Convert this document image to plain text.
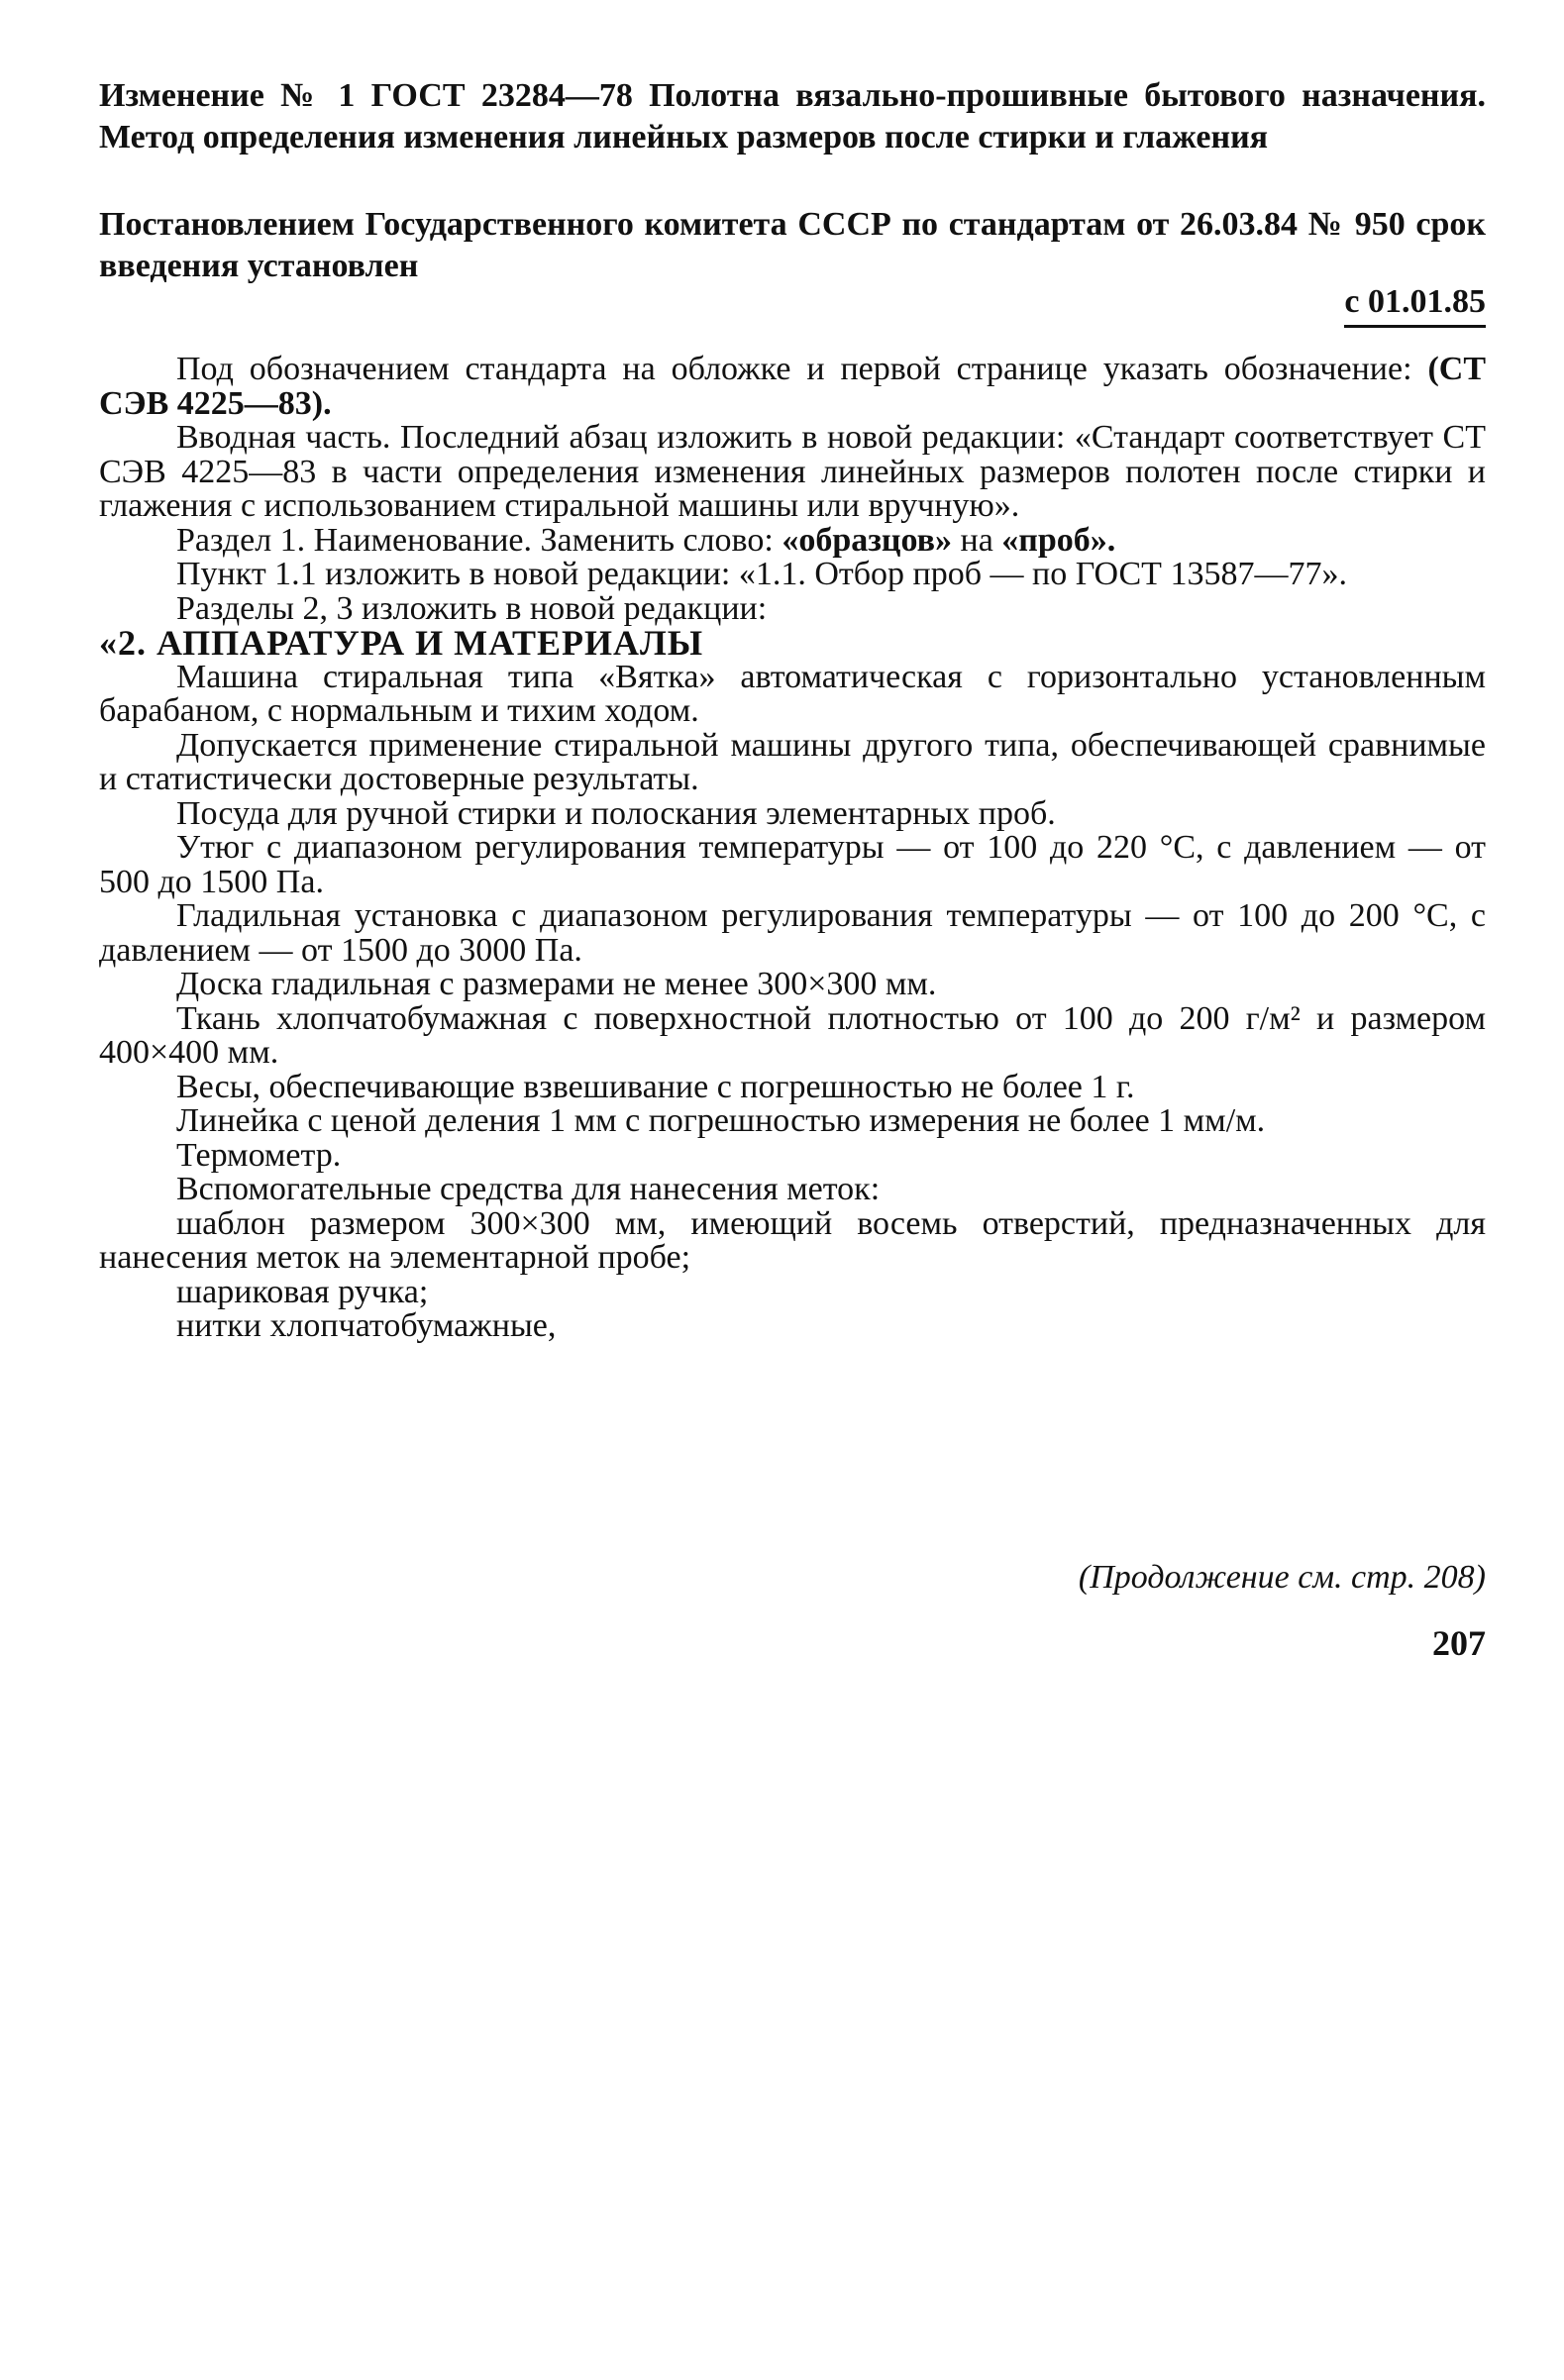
Изменение № 1 ГОСТ 23284—78 Полотна вязально-прошивные бытового назначения. Метод определения изменения линейных размеров после стирки и глажения
Постановлением Государственного комитета СССР по стандартам от 26.03.84 № 950 срок введения установлен
с 01.01.85

Под обозначением стандарта на обложке и первой странице указать обозначение: (СТ СЭВ 4225—83).

Вводная часть. Последний абзац изложить в новой редакции: «Стандарт соответствует СТ СЭВ 4225—83 в части определения изменения линейных размеров полотен после стирки и глажения с использованием стиральной машины или вручную».

Раздел 1. Наименование. Заменить слово: «образцов» на «проб».

Пункт 1.1 изложить в новой редакции: «1.1. Отбор проб — по ГОСТ 13587—77».

Разделы 2, 3 изложить в новой редакции:

«2. АППАРАТУРА И МАТЕРИАЛЫ

Машина стиральная типа «Вятка» автоматическая с горизонтально установленным барабаном, с нормальным и тихим ходом.

Допускается применение стиральной машины другого типа, обеспечивающей сравнимые и статистически достоверные результаты.

Посуда для ручной стирки и полоскания элементарных проб.

Утюг с диапазоном регулирования температуры — от 100 до 220 °С, с давлением — от 500 до 1500 Па.

Гладильная установка с диапазоном регулирования температуры — от 100 до 200 °С, с давлением — от 1500 до 3000 Па.

Доска гладильная с размерами не менее 300×300 мм.

Ткань хлопчатобумажная с поверхностной плотностью от 100 до 200 г/м² и размером 400×400 мм.

Весы, обеспечивающие взвешивание с погрешностью не более 1 г.

Линейка с ценой деления 1 мм с погрешностью измерения не более 1 мм/м.

Термометр.

Вспомогательные средства для нанесения меток:

шаблон размером 300×300 мм, имеющий восемь отверстий, предназначенных для нанесения меток на элементарной пробе;

шариковая ручка;

нитки хлопчатобумажные,

(Продолжение см. стр. 208)
207
